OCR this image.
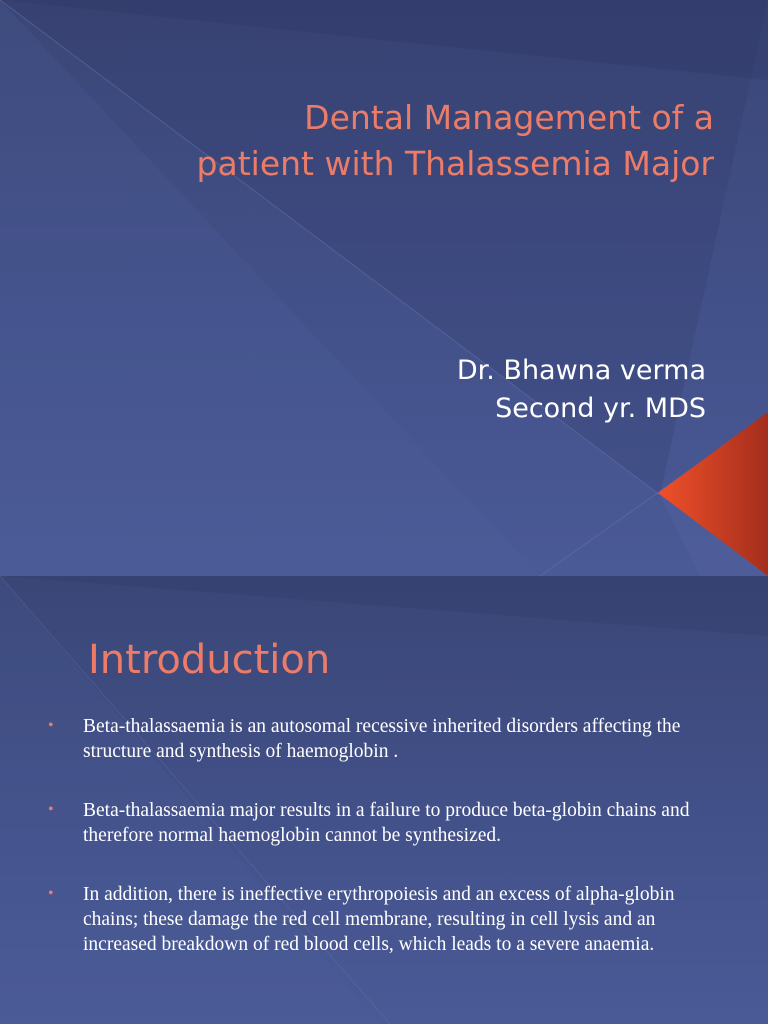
Dental Management of a
patient with Thalassemia Major
Dr. Bhawna verma
Second yr. MDS
Introduction
• Beta-thalassaemia is an autosomal recessive inherited disorders affecting the structure and synthesis of haemoglobin .
• Beta-thalassaemia major results in a failure to produce beta-globin chains and therefore normal haemoglobin cannot be synthesized.
• In addition, there is ineffective erythropoiesis and an excess of alpha-globin chains; these damage the red cell membrane, resulting in cell lysis and an increased breakdown of red blood cells, which leads to a severe anaemia.
